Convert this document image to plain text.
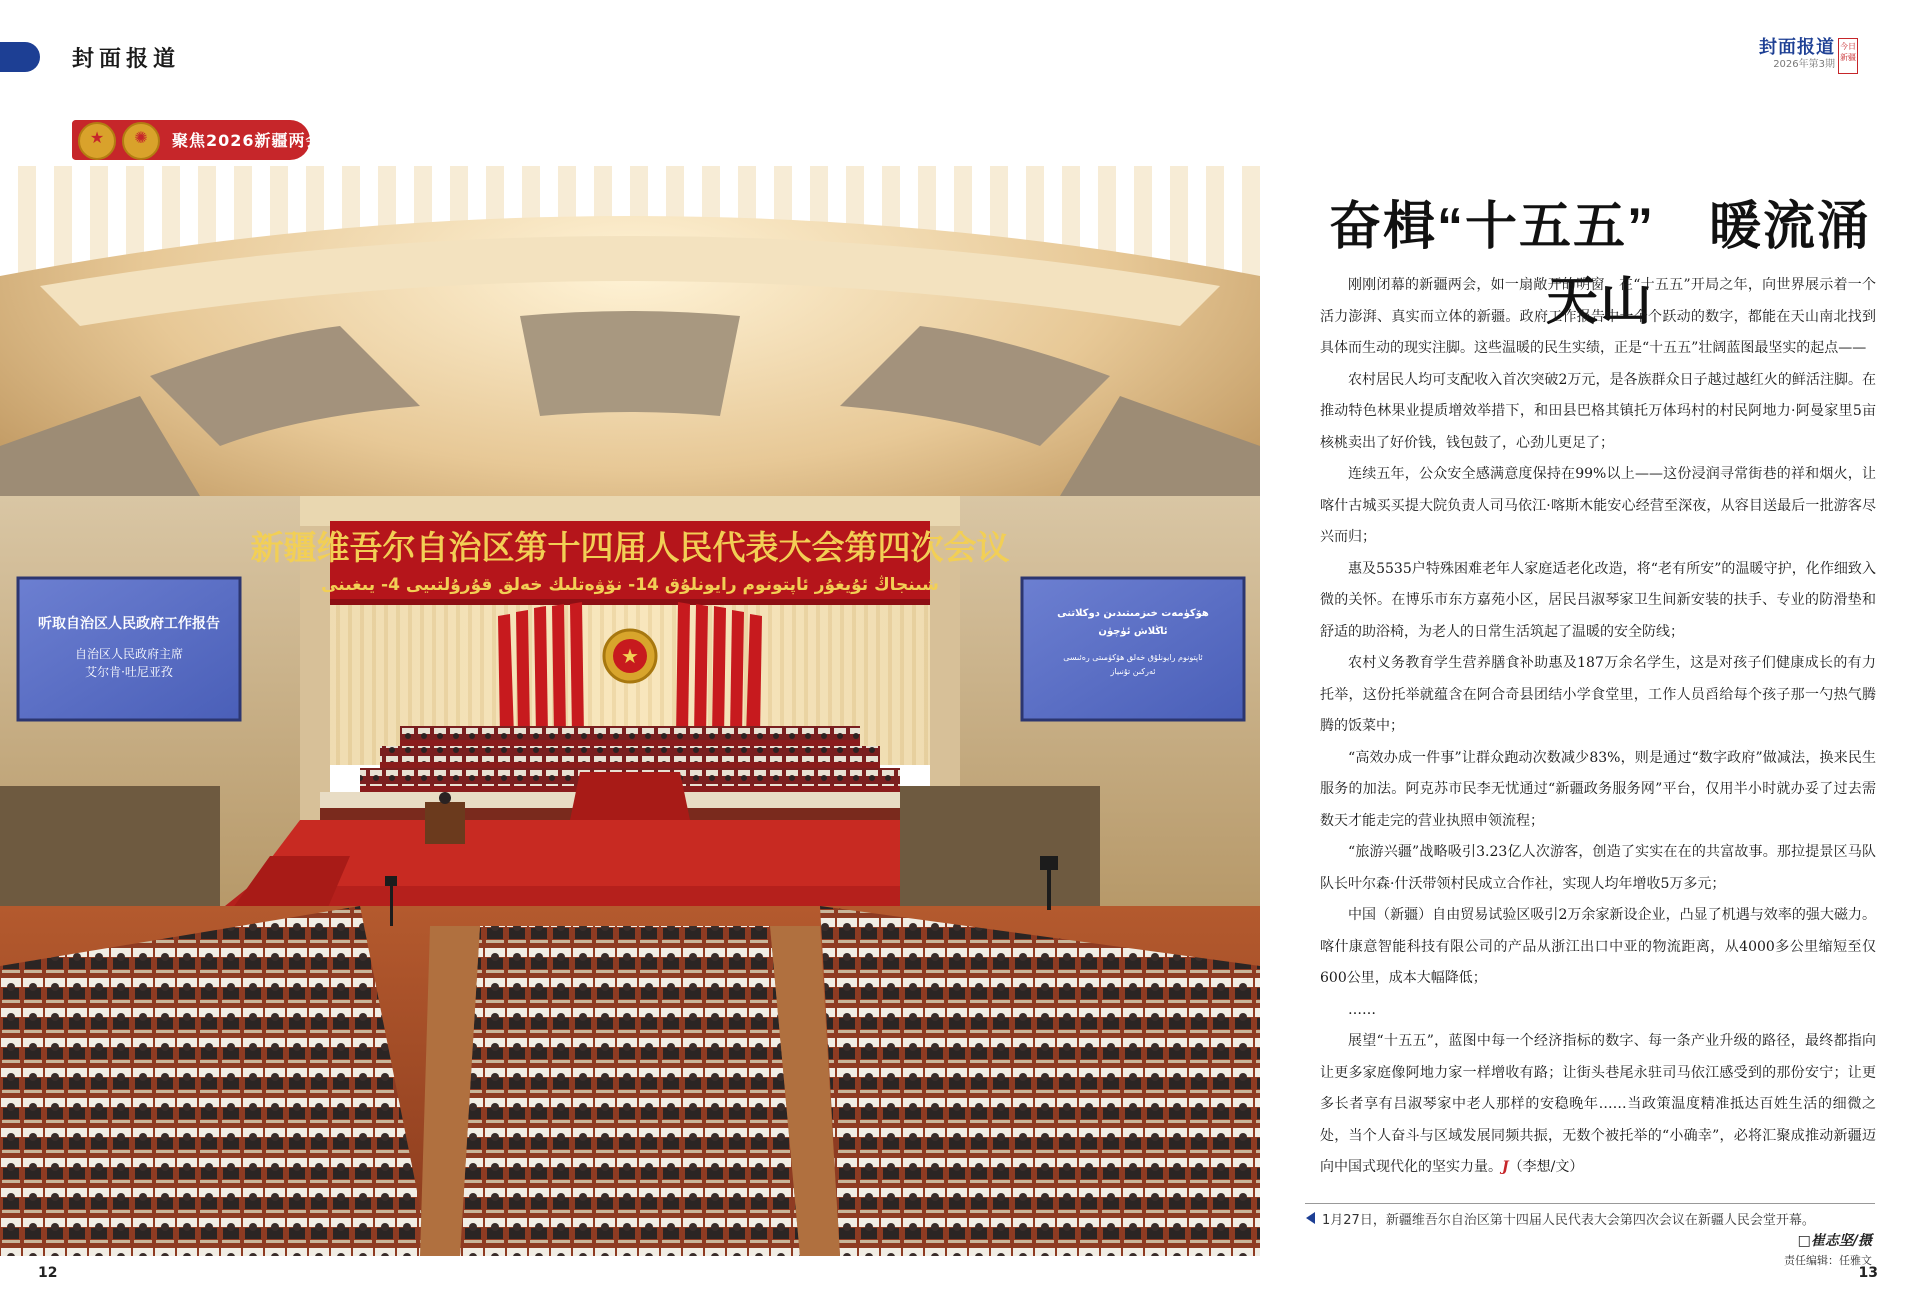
封面报道
★	✺	聚焦2026新疆两会
封面报道
2026年第3期
今日新疆
★
新疆维吾尔自治区第十四届人民代表大会第四次会议
شىنجاڭ ئۇيغۇر ئاپتونوم رايونلۇق 14- نۆۋەتلىك خەلق قۇرۇلتىيى 4- يىغىنى
听取自治区人民政府工作报告
自治区人民政府主席
艾尔肯·吐尼亚孜
ھۆكۈمەت خىزمىتىدىن دوكلاتنى
ئاڭلاش ئۈچۈن
ئاپتونوم رايونلۇق خەلق ھۆكۈمىتى رەئىسى
ئەركىن تۇنىياز
奋楫“十五五”　暖流涌天山

刚刚闭幕的新疆两会，如一扇敞开的明窗，在“十五五”开局之年，向世界展示着一个活力澎湃、真实而立体的新疆。政府工作报告中一个个跃动的数字，都能在天山南北找到具体而生动的现实注脚。这些温暖的民生实绩，正是“十五五”壮阔蓝图最坚实的起点——

农村居民人均可支配收入首次突破2万元，是各族群众日子越过越红火的鲜活注脚。在推动特色林果业提质增效举措下，和田县巴格其镇托万体玛村的村民阿地力·阿曼家里5亩核桃卖出了好价钱，钱包鼓了，心劲儿更足了；

连续五年，公众安全感满意度保持在99%以上——这份浸润寻常街巷的祥和烟火，让喀什古城买买提大院负责人司马依江·喀斯木能安心经营至深夜，从容目送最后一批游客尽兴而归；

惠及5535户特殊困难老年人家庭适老化改造，将“老有所安”的温暖守护，化作细致入微的关怀。在博乐市东方嘉苑小区，居民吕淑琴家卫生间新安装的扶手、专业的防滑垫和舒适的助浴椅，为老人的日常生活筑起了温暖的安全防线；

农村义务教育学生营养膳食补助惠及187万余名学生，这是对孩子们健康成长的有力托举，这份托举就蕴含在阿合奇县团结小学食堂里，工作人员舀给每个孩子那一勺热气腾腾的饭菜中；

“高效办成一件事”让群众跑动次数减少83%，则是通过“数字政府”做减法，换来民生服务的加法。阿克苏市民李无忧通过“新疆政务服务网”平台，仅用半小时就办妥了过去需数天才能走完的营业执照申领流程；

“旅游兴疆”战略吸引3.23亿人次游客，创造了实实在在的共富故事。那拉提景区马队队长叶尔森·什沃带领村民成立合作社，实现人均年增收5万多元；

中国（新疆）自由贸易试验区吸引2万余家新设企业，凸显了机遇与效率的强大磁力。喀什康意智能科技有限公司的产品从浙江出口中亚的物流距离，从4000多公里缩短至仅600公里，成本大幅降低；

……

展望“十五五”，蓝图中每一个经济指标的数字、每一条产业升级的路径，最终都指向让更多家庭像阿地力家一样增收有路；让街头巷尾永驻司马依江感受到的那份安宁；让更多长者享有吕淑琴家中老人那样的安稳晚年……当政策温度精准抵达百姓生活的细微之处，当个人奋斗与区域发展同频共振，无数个被托举的“小确幸”，必将汇聚成推动新疆迈向中国式现代化的坚实力量。J（李想/文）

1月27日，新疆维吾尔自治区第十四届人民代表大会第四次会议在新疆人民会堂开幕。
□崔志坚/摄
责任编辑：任雅文
12	13
